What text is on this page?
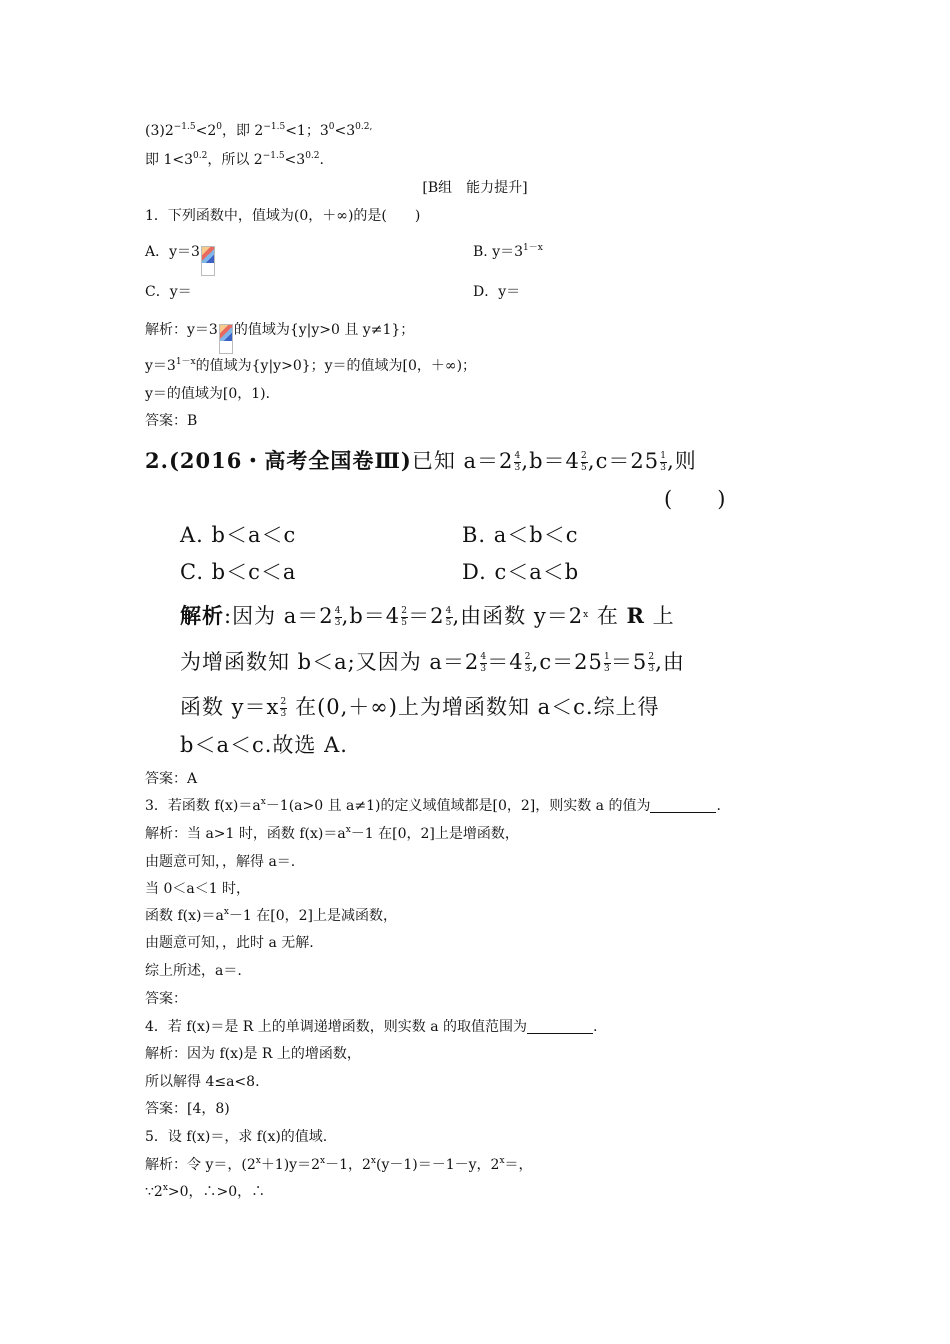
$(3)2^{-1.5}<2^0$，即 $2^{-1.5}<1$；$3^0<3^{0.2,}$
即 $1<3^{0.2}$，所以 $2^{-1.5}<3^{0.2}$.
[B组　能力提升]
1．下列函数中，值域为(0，＋∞)的是(　　)
A．y＝3	B. $y=3^{1-x}$
C．y＝	D．y＝
解析：y＝3 的值域为{y|y>0 且 y≠1}；
$y=3^{1-x}$的值域为{y|y>0}；y＝的值域为[0，＋∞)；
y＝的值域为[0，1)．
答案：B
2.(2016・高考全国卷Ⅲ)已知 $a=2 \frac{4}{3} ,b=4 \frac{2}{5} ,c=25 \frac{1}{3}$ ,则
(　　)
A. b＜a＜c	B. a＜b＜c
C. b＜c＜a	D. c＜a＜b
解析:因为 $a=2 \frac{4}{3} ,b=4 \frac{2}{5} =2 \frac{4}{5}$ ,由函数 $y=2^x$ 在 R 上
为增函数知 b＜a;又因为 $a=2 \frac{4}{3} =4 \frac{2}{3} ,c=25 \frac{1}{3} =5 \frac{2}{3}$ ,由
函数 $y=x \frac{2}{3}$ 在(0,＋∞)上为增函数知 a＜c.综上得
b＜a＜c.故选 A.
答案：A
3．若函数 $f(x)=a^x-1(a>0$ 且 a≠1)的定义域值域都是[0，2]，则实数 a 的值为	.
解析：当 a>1 时，函数 $f(x)=a^x-1$ 在[0，2]上是增函数，
由题意可知，，解得 a＝.
当 0＜a＜1 时，
函数 $f(x)=a^x-1$ 在[0，2]上是减函数，
由题意可知，，此时 a 无解.
综上所述，a＝.
答案：
4．若 f(x)＝是 R 上的单调递增函数，则实数 a 的取值范围为	.
解析：因为 f(x)是 R 上的增函数，
所以解得 4≤a<8.
答案：[4，8)
5．设 f(x)＝，求 f(x)的值域.
解析：令 y＝，$(2^x+1)y=2^x-1$，$2^x(y-1)=-1-y$，$2^x=$，
$\because 2^x>0$，∴>0，∴
